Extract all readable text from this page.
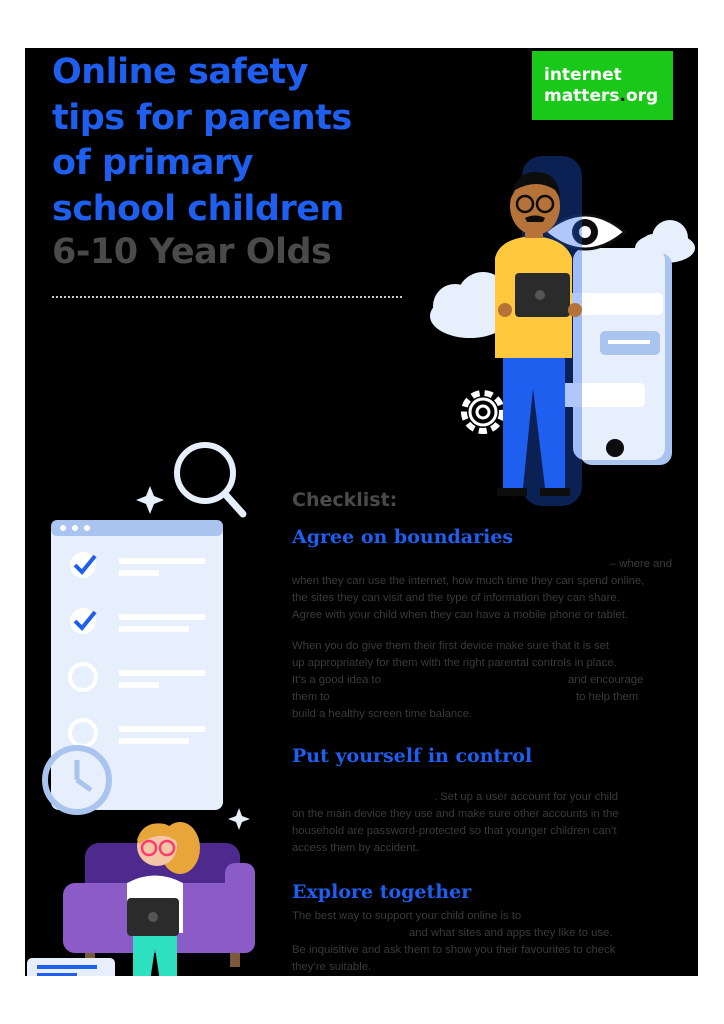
Online safety
tips for parents
of primary
school children
6-10 Year Olds
internet
matters.org
Checklist:
Agree on boundaries
– where and
when they can use the internet, how much time they can spend online,
the sites they can visit and the type of information they can share.
Agree with your child when they can have a mobile phone or tablet.
When you do give them their first device make sure that it is set
up appropriately for them with the right parental controls in place.
It’s a good idea to	and encourage
them to	to help them
build a healthy screen time balance.
Put yourself in control
. Set up a user account for your child
on the main device they use and make sure other accounts in the
household are password-protected so that younger children can’t
access them by accident.
Explore together
The best way to support your child online is to
and what sites and apps they like to use.
Be inquisitive and ask them to show you their favourites to check
they’re suitable.
